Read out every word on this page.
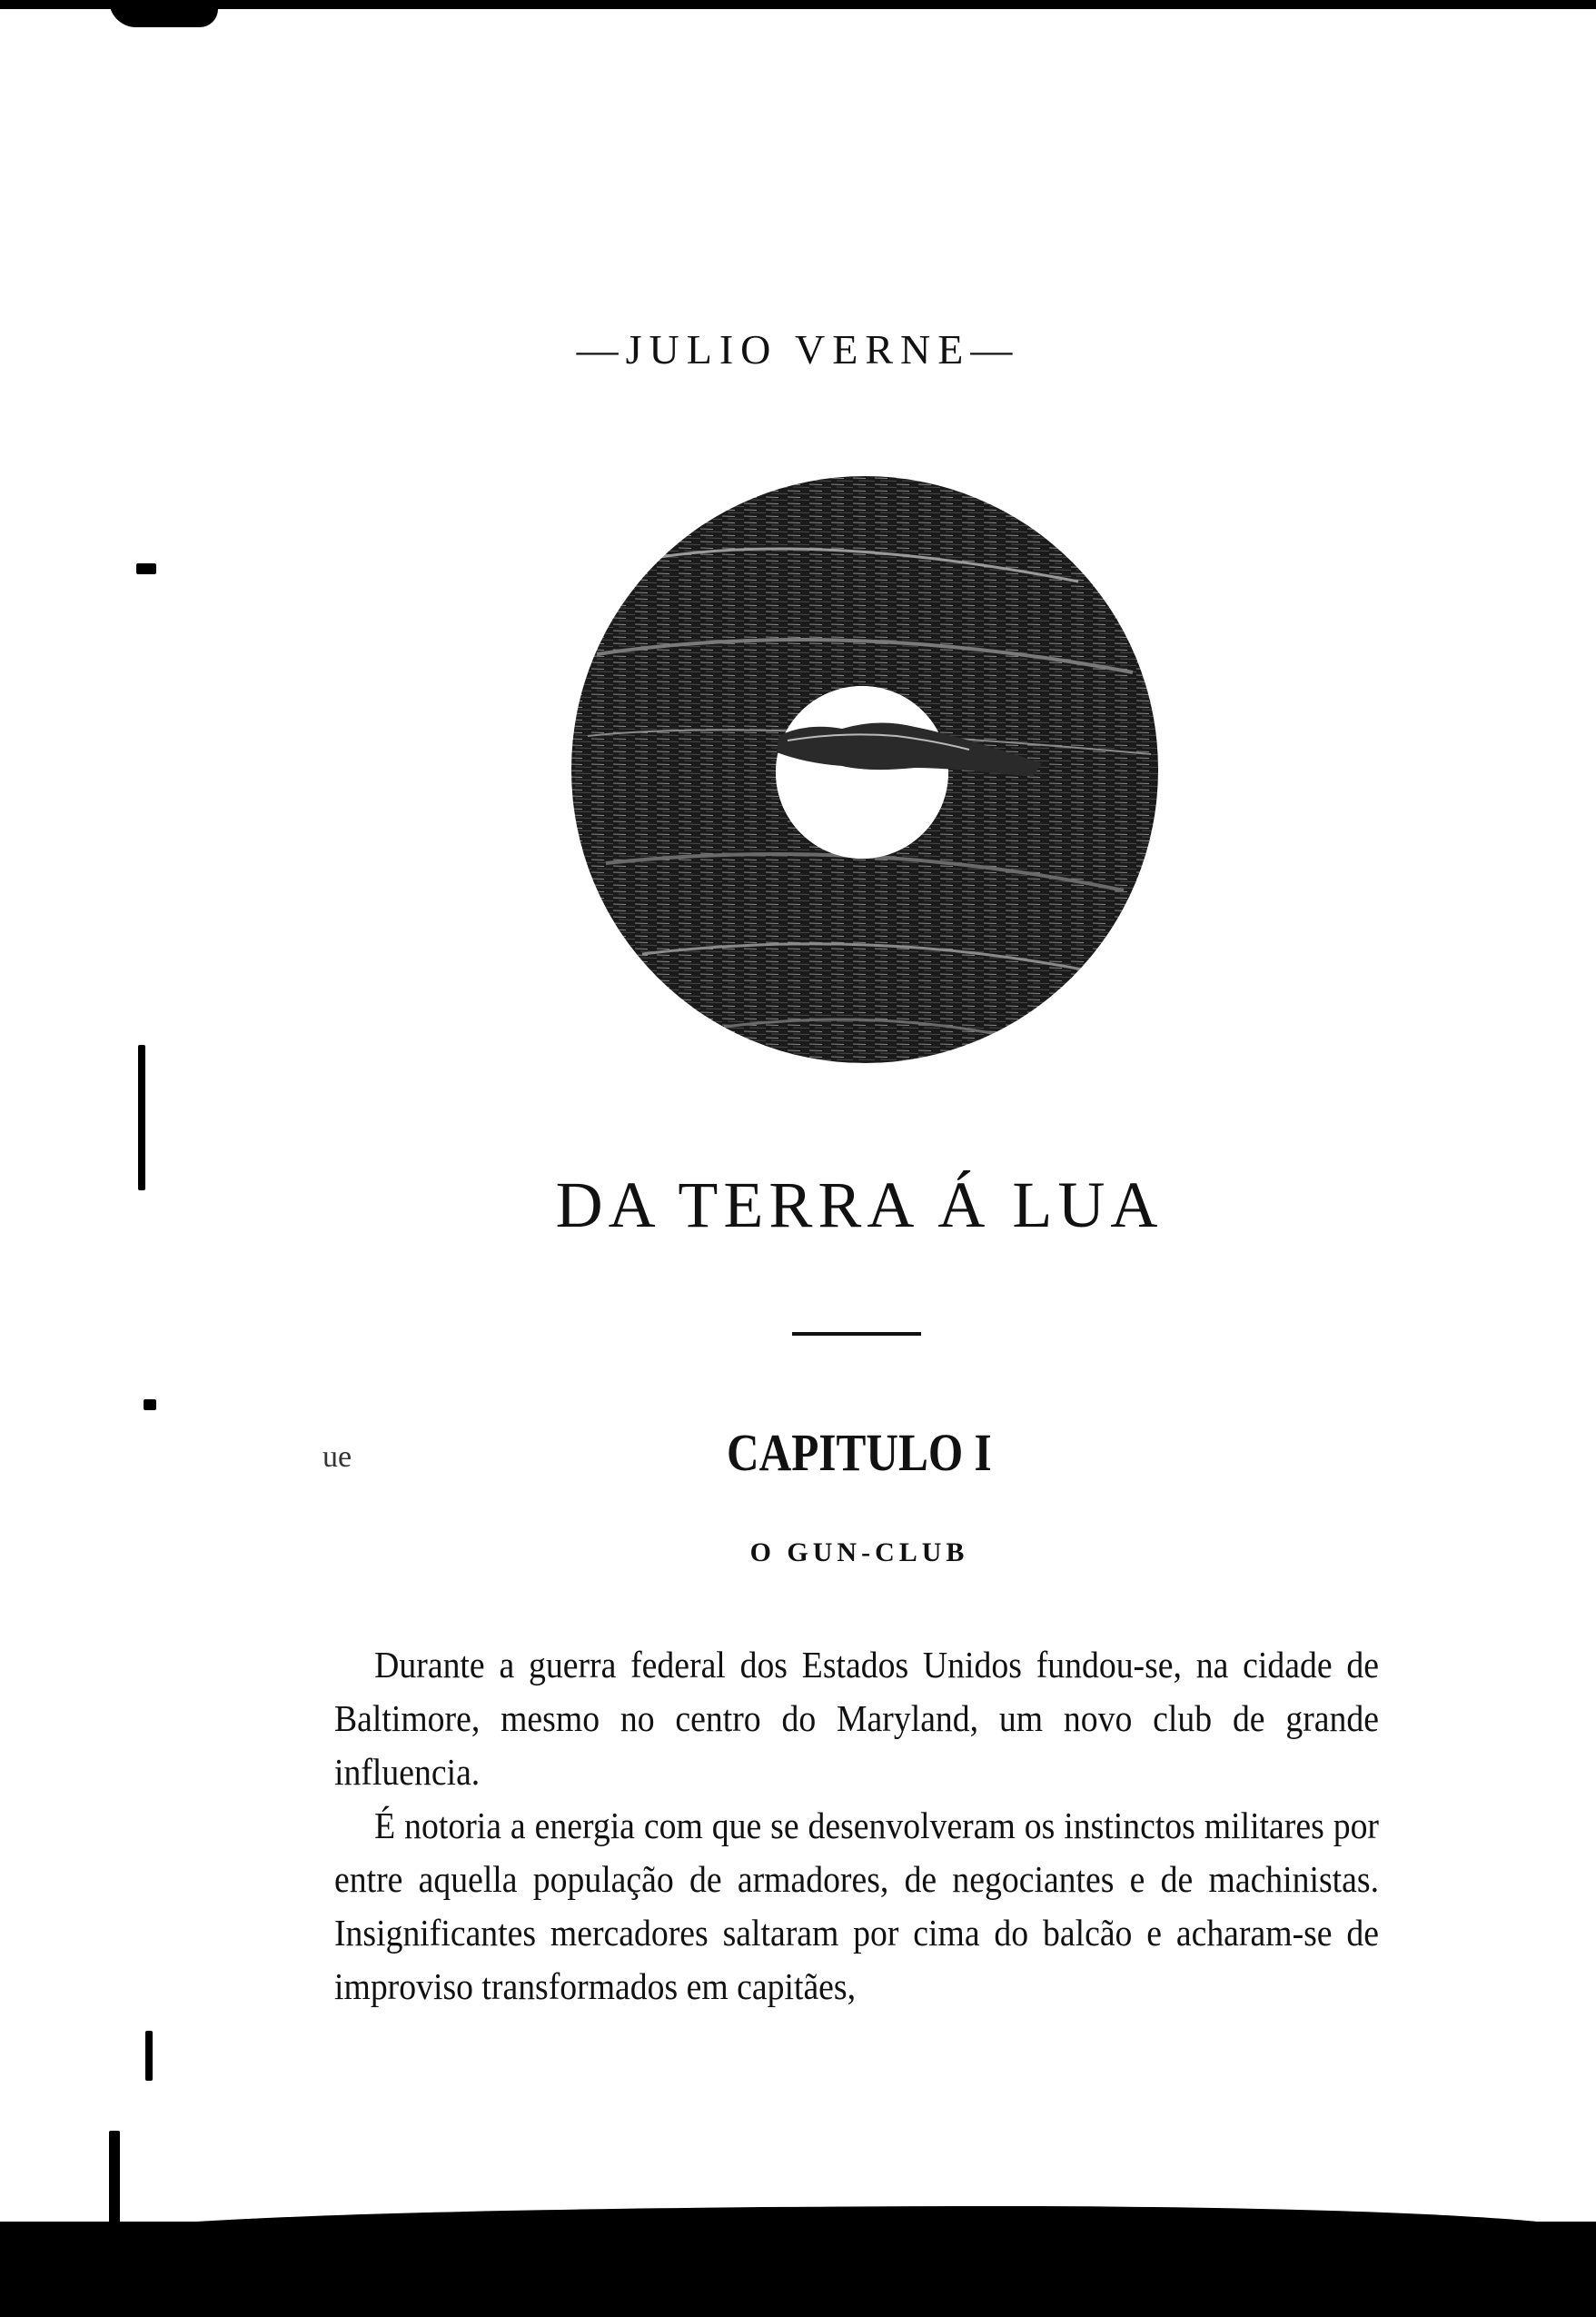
—JULIO VERNE—
DA TERRA Á LUA
ue	CAPITULO I
O GUN-CLUB

Durante a guerra federal dos Estados Unidos fundou-se, na cidade de Baltimore, mesmo no centro do Maryland, um novo club de grande influencia.

É notoria a energia com que se desenvolveram os instinctos militares por entre aquella população de armadores, de negociantes e de machinistas. Insignificantes mercadores saltaram por cima do balcão e acharam-se de improviso transformados em capitães,
